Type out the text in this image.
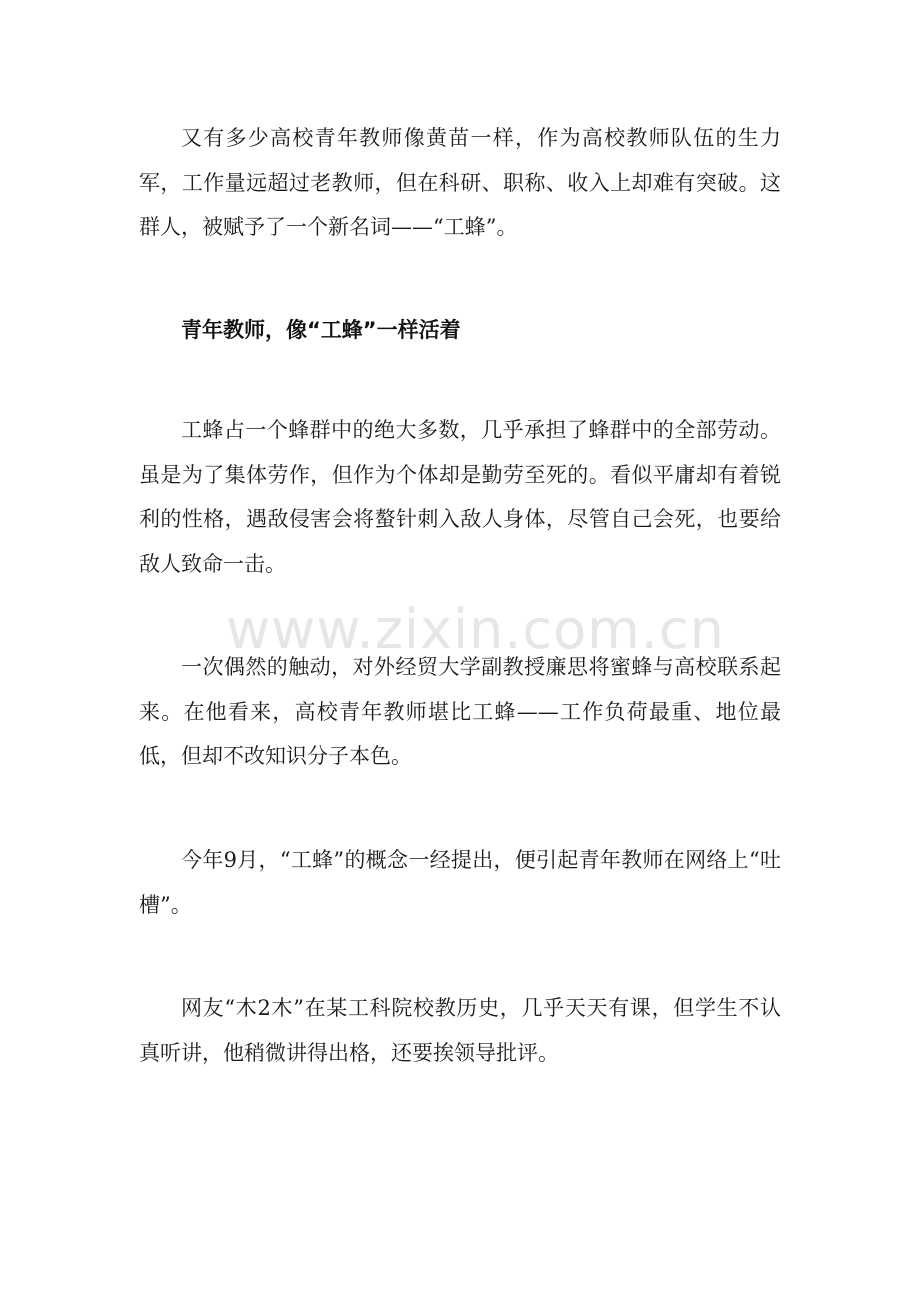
又有多少高校青年教师像黄苗一样，作为高校教师队伍的生力军，工作量远超过老教师，但在科研、职称、收入上却难有突破。这群人，被赋予了一个新名词——“工蜂”。

青年教师，像“工蜂”一样活着

工蜂占一个蜂群中的绝大多数，几乎承担了蜂群中的全部劳动。虽是为了集体劳作，但作为个体却是勤劳至死的。看似平庸却有着锐利的性格，遇敌侵害会将螯针刺入敌人身体，尽管自己会死，也要给敌人致命一击。

一次偶然的触动，对外经贸大学副教授廉思将蜜蜂与高校联系起来。在他看来，高校青年教师堪比工蜂——工作负荷最重、地位最低，但却不改知识分子本色。

今年9月，“工蜂”的概念一经提出，便引起青年教师在网络上“吐槽”。

网友“木2木”在某工科院校教历史，几乎天天有课，但学生不认真听讲，他稍微讲得出格，还要挨领导批评。

www.zixin.com.cn
